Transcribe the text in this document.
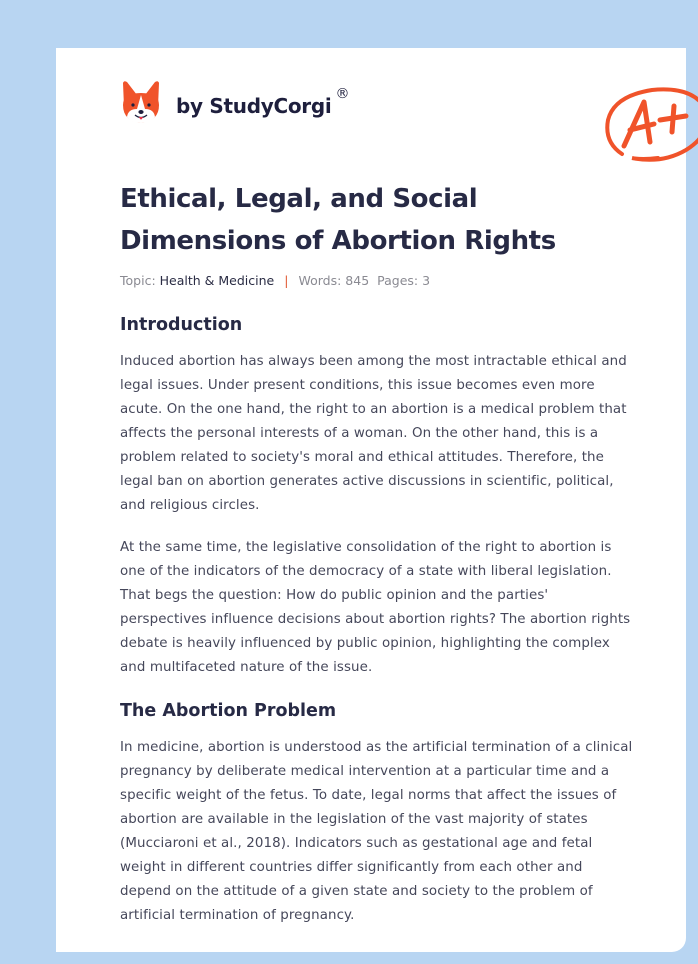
by StudyCorgi ®
Ethical, Legal, and Social Dimensions of Abortion Rights
Topic: Health & Medicine | Words: 845 Pages: 3
Introduction

Induced abortion has always been among the most intractable ethical and legal issues. Under present conditions, this issue becomes even more acute. On the one hand, the right to an abortion is a medical problem that affects the personal interests of a woman. On the other hand, this is a problem related to society's moral and ethical attitudes. Therefore, the legal ban on abortion generates active discussions in scientific, political, and religious circles.

At the same time, the legislative consolidation of the right to abortion is one of the indicators of the democracy of a state with liberal legislation. That begs the question: How do public opinion and the parties' perspectives influence decisions about abortion rights? The abortion rights debate is heavily influenced by public opinion, highlighting the complex and multifaceted nature of the issue.

The Abortion Problem

In medicine, abortion is understood as the artificial termination of a clinical pregnancy by deliberate medical intervention at a particular time and a specific weight of the fetus. To date, legal norms that affect the issues of abortion are available in the legislation of the vast majority of states (Mucciaroni et al., 2018). Indicators such as gestational age and fetal weight in different countries differ significantly from each other and depend on the attitude of a given state and society to the problem of artificial termination of pregnancy.
